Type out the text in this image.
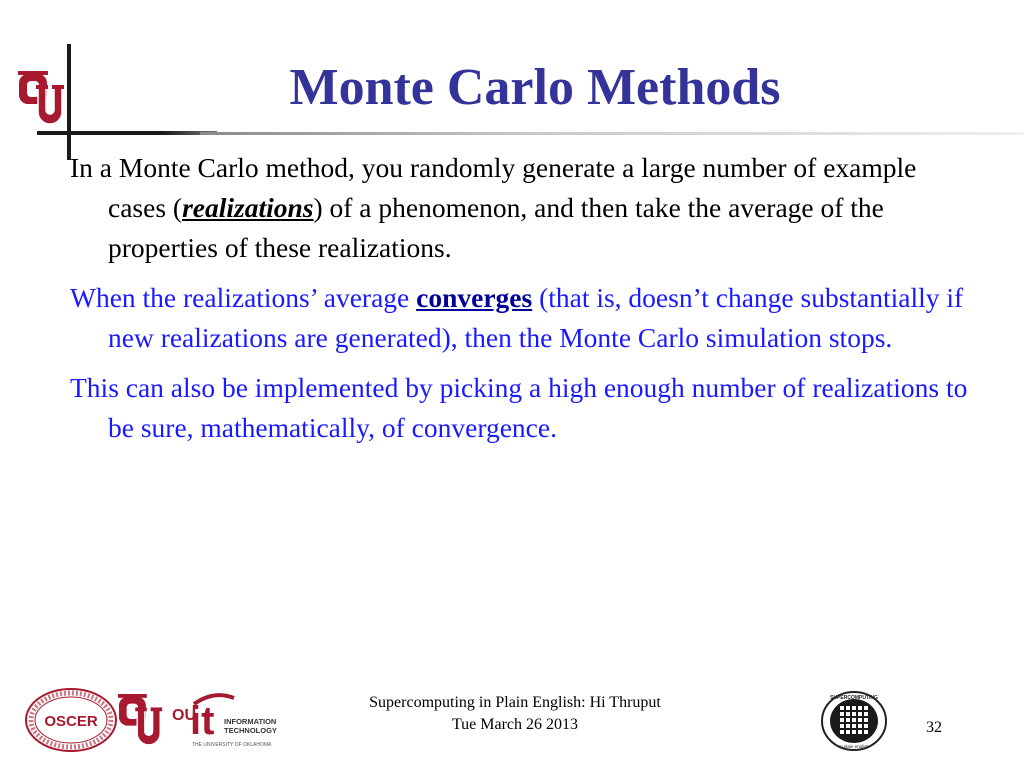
Monte Carlo Methods

In a Monte Carlo method, you randomly generate a large number of example cases (realizations) of a phenomenon, and then take the average of the properties of these realizations.

When the realizations’ average converges (that is, doesn’t change substantially if new realizations are generated), then the Monte Carlo simulation stops.

This can also be implemented by picking a high enough number of realizations to be sure, mathematically, of convergence.

OSCER	OU
it INFORMATION
TECHNOLOGY
THE UNIVERSITY OF OKLAHOMA
Supercomputing in Plain English: Hi Thruput
Tue March 26 2013
SUPERCOMPUTING
in plain english
32
